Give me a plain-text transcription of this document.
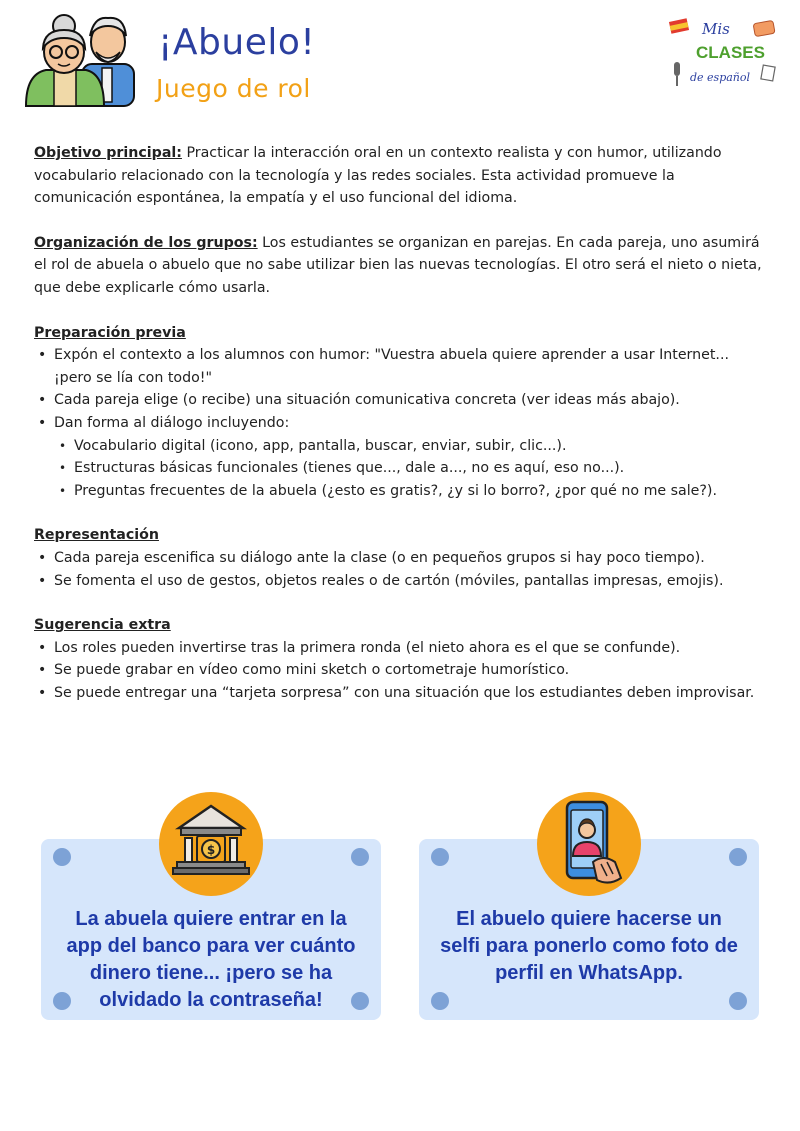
¡Abuelo!
Juego de rol
Mis
CLASES
de español

Objetivo principal: Practicar la interacción oral en un contexto realista y con humor, utilizando vocabulario relacionado con la tecnología y las redes sociales. Esta actividad promueve la comunicación espontánea, la empatía y el uso funcional del idioma.

Organización de los grupos: Los estudiantes se organizan en parejas. En cada pareja, uno asumirá el rol de abuela o abuelo que no sabe utilizar bien las nuevas tecnologías. El otro será el nieto o nieta, que debe explicarle cómo usarla.

Preparación previa
• Expón el contexto a los alumnos con humor: "Vuestra abuela quiere aprender a usar Internet... ¡pero se lía con todo!"
• Cada pareja elige (o recibe) una situación comunicativa concreta (ver ideas más abajo).
• Dan forma al diálogo incluyendo:
• Vocabulario digital (icono, app, pantalla, buscar, enviar, subir, clic...).
• Estructuras básicas funcionales (tienes que..., dale a..., no es aquí, eso no...).
• Preguntas frecuentes de la abuela (¿esto es gratis?, ¿y si lo borro?, ¿por qué no me sale?).
Representación
• Cada pareja escenifica su diálogo ante la clase (o en pequeños grupos si hay poco tiempo).
• Se fomenta el uso de gestos, objetos reales o de cartón (móviles, pantallas impresas, emojis).
Sugerencia extra
• Los roles pueden invertirse tras la primera ronda (el nieto ahora es el que se confunde).
• Se puede grabar en vídeo como mini sketch o cortometraje humorístico.
• Se puede entregar una “tarjeta sorpresa” con una situación que los estudiantes deben improvisar.
La abuela quiere entrar en la app del banco para ver cuánto dinero tiene... ¡pero se ha olvidado la contraseña!
El abuelo quiere hacerse un selfi para ponerlo como foto de perfil en WhatsApp.
$
